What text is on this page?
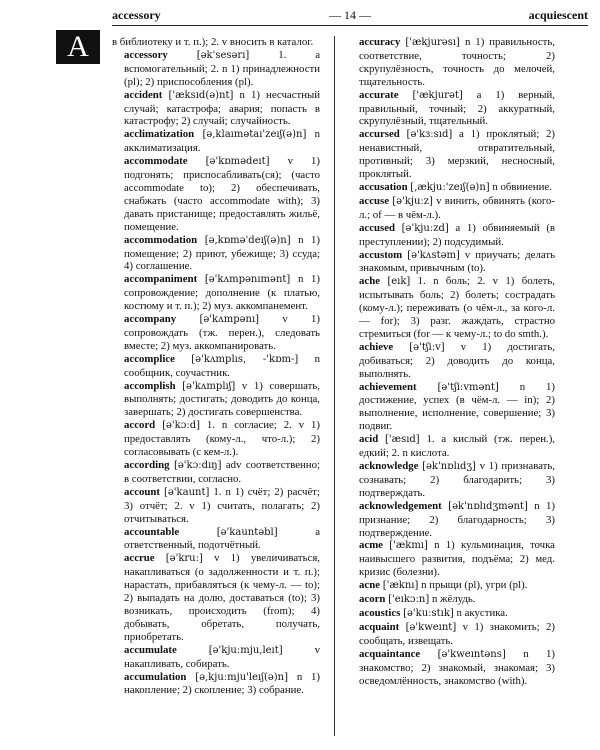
accessory	— 14 —	acquiescent
A	в библиотеку и т. п.); 2. v вносить в каталог.

accessory	[ək'sesərı]	1. a вспомогательный; 2. n 1) принадлежности (pl); 2) приспособления (pl).

accident ['æksıd(ə)nt] n 1) несчастный случай; катастрофа; авария; попасть в катастрофу; 2) случай; случайность.

acclimatization [ə,klaımətaı'zeıʃ(ə)n] n акклиматизация.

accommodate [ə'kɒmədeıt] v 1) подгонять; приспосабливать(ся); (часто accommodate to); 2) обеспечивать, снабжать (часто accommodate with); 3) давать пристанище; предоставлять жильё, помещение.

accommodation [ə,kɒmə'deıʃ(ə)n] n 1) помещение; 2) приют, убежище; 3) ссуда; 4) соглашение.

accompaniment [ə'kʌmpənımənt] n 1) сопровождение; дополнение (к платью, костюму и т. п.); 2) муз. аккомпанемент.

accompany [ə'kʌmpənı] v 1) сопровождать (тж. перен.), следовать вместе; 2) муз. аккомпанировать.

accomplice [ə'kʌmplıs, -'kɒm-] n сообщник, соучастник.

accomplish [ə'kʌmplıʃ] v 1) совершать, выполнять; достигать; доводить до конца, завершать; 2) достигать совершенства.

accord [ə'kɔːd] 1. n согласие; 2. v 1) предоставлять (кому-л., что-л.); 2) согласовывать (с кем-л.).

according [ə'kɔːdıŋ] adv соответственно; в соответствии, согласно.

account [ə'kaunt] 1. n 1) счёт; 2) расчёт; 3) отчёт; 2. v 1) считать, полагать; 2) отчитываться.

accountable	[ə'kauntəbl]	a ответственный, подотчётный.

accrue [ə'kruː] v 1) увеличиваться, накапливаться (о задолженности и т. п.); нарастать, прибавляться (к чему-л. — to); 2) выпадать на долю, доставаться (to); 3) возникать, происходить (from); 4) добывать, обретать, получать, приобретать.

accumulate	[ə'kjuːmju,leıt]	v накапливать, собирать.

accumulation [ə,kjuːmju'leıʃ(ə)n] n 1) накопление; 2) скопление; 3) собрание.

accuracy ['ækjurəsı] n 1) правильность, соответствие, точность; 2) скрупулёзность, точность до мелочей, тщательность.

accurate ['ækjurət] a 1) верный, правильный, точный; 2) аккуратный, скрупулёзный, тщательный.

accursed [ə'kɜːsıd] a 1) проклятый; 2) ненавистный, отвратительный, противный; 3) мерзкий, несносный, проклятый.

accusation [,ækjuː'zeıʃ(ə)n] n обвинение.

accuse [ə'kjuːz] v винить, обвинять (кого-л.; of — в чём-л.).

accused [ə'kjuːzd] a 1) обвиняемый (в преступлении); 2) подсудимый.

accustom [ə'kʌstəm] v приучать; делать знакомым, привычным (to).

ache [eık] 1. n боль; 2. v 1) болеть, испытывать боль; 2) болеть; сострадать (кому-л.); переживать (о чём-л., за кого-л. — for); 3) разг. жаждать, страстно стремиться (for — к чему-л.; to do smth.).

achieve [ə'tʃiːv] v 1) достигать, добиваться; 2) доводить до конца, выполнять.

achievement [ə'tʃiːvmənt] n 1) достижение, успех (в чём-л. — in); 2) выполнение, исполнение, совершение; 3) подвиг.

acid ['æsıd] 1. a кислый (тж. перен.), едкий; 2. n кислота.

acknowledge [ək'nɒlıdʒ] v 1) признавать, сознавать; 2) благодарить; 3) подтверждать.

acknowledgement [ək'nɒlıdʒmənt] n 1) признание; 2) благодарность; 3) подтверждение.

acme ['ækmı] n 1) кульминация, точка наивысшего развития, подъёма; 2) мед. кризис (болезни).

acne ['æknı] n прыщи (pl), угри (pl).

acorn ['eıkɔːn] n жёлудь.

acoustics [ə'kuːstık] n акустика.

acquaint [ə'kweınt] v 1) знакомить; 2) сообщать, извещать.

acquaintance [ə'kweıntəns] n 1) знакомство; 2) знакомый, знакомая; 3) осведомлённость, знакомство (with).
